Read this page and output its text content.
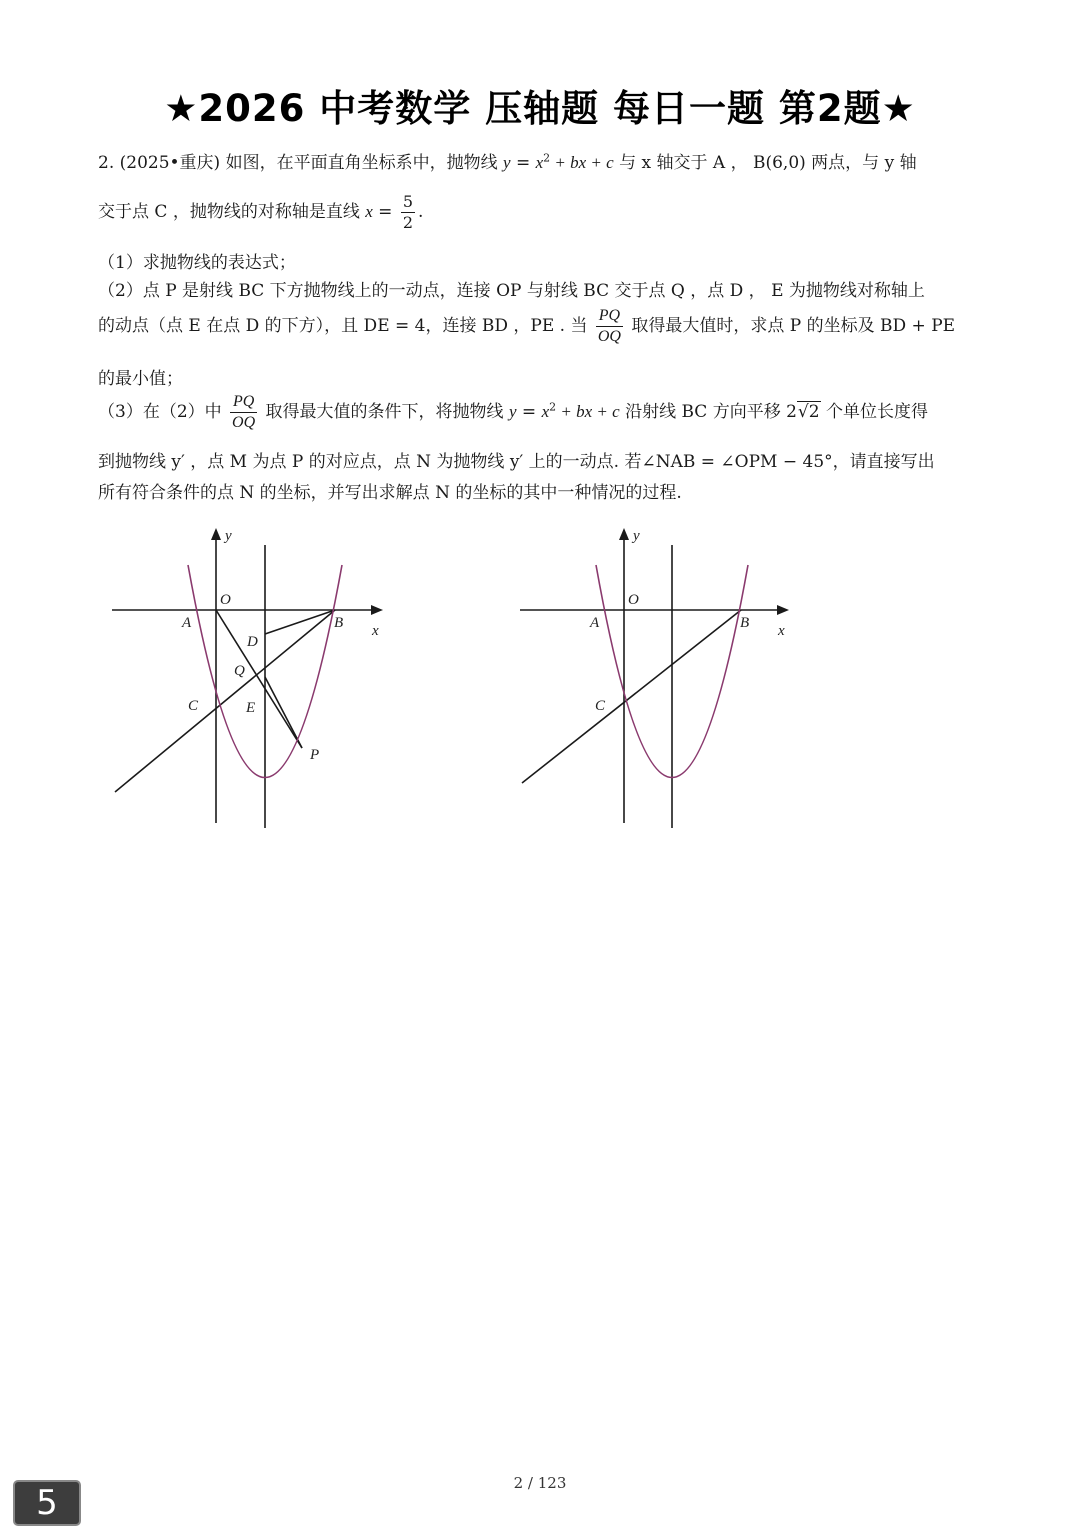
★2026 中考数学 压轴题 每日一题 第2题★
2. (2025•重庆) 如图，在平面直角坐标系中，抛物线 $y = x^2$ + bx + c 与 x 轴交于 A ， B(6,0) 两点，与 y 轴
交于点 C ，抛物线的对称轴是直线 $x = \frac{5}{2}$ .
（1）求抛物线的表达式；
（2）点 P 是射线 BC 下方抛物线上的一动点，连接 OP 与射线 BC 交于点 Q ，点 D ， E 为抛物线对称轴上
的动点（点 E 在点 D 的下方），且 DE = 4，连接 BD ，PE . 当 $\frac{PQ}{OQ}$ 取得最大值时，求点 P 的坐标及 BD + PE
的最小值；
（3）在（2）中 $\frac{PQ}{OQ}$ 取得最大值的条件下，将抛物线 $y = x^2$ + bx + c 沿射线 BC 方向平移 2√2 个单位长度得
到抛物线 y′ ，点 M 为点 P 的对应点，点 N 为抛物线 y′ 上的一动点. 若∠NAB = ∠OPM − 45°，请直接写出
所有符合条件的点 N 的坐标，并写出求解点 N 的坐标的其中一种情况的过程.
y
x
O
A	B
C
D
E
Q
P
y
x
O
A	B
C
2 / 123
5
